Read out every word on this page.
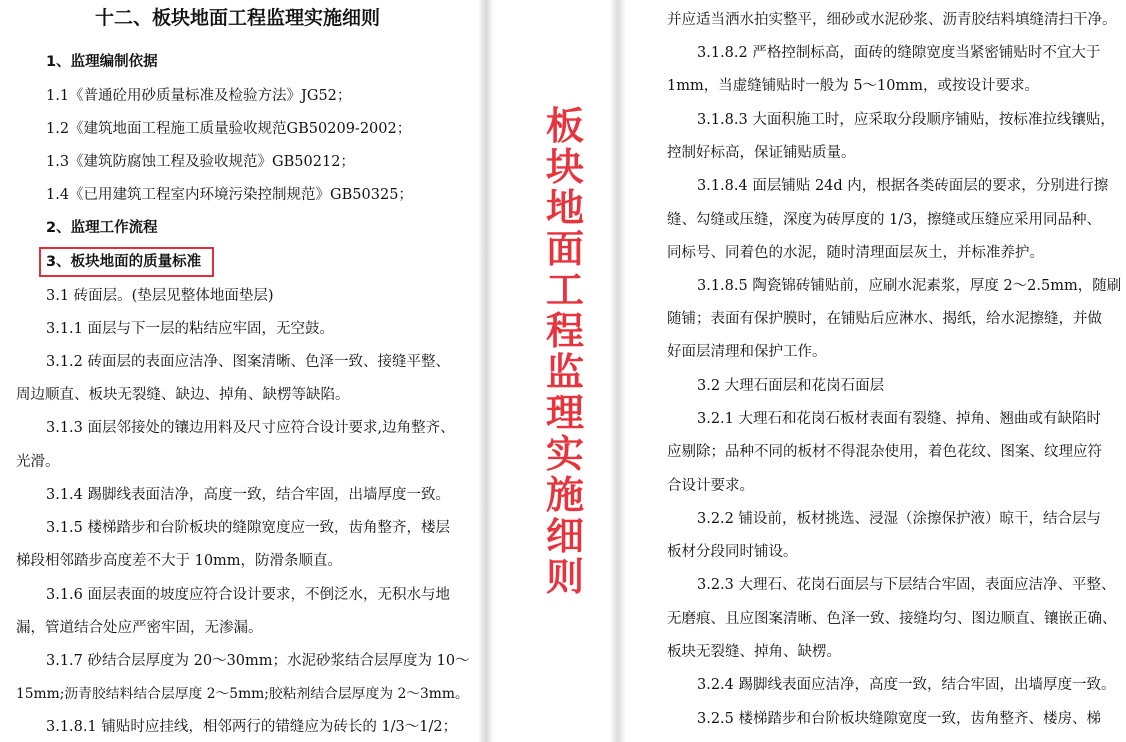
十二、板块地面工程监理实施细则
1、监理编制依据
1.1《普通砼用砂质量标准及检验方法》JG52；
1.2《建筑地面工程施工质量验收规范GB50209-2002；
1.3《建筑防腐蚀工程及验收规范》GB50212；
1.4《已用建筑工程室内环境污染控制规范》GB50325；
2、监理工作流程
3、板块地面的质量标准
3.1 砖面层。(垫层见整体地面垫层)
3.1.1 面层与下一层的粘结应牢固，无空鼓。
3.1.2 砖面层的表面应洁净、图案清晰、色泽一致、接缝平整、
周边顺直、板块无裂缝、缺边、掉角、缺楞等缺陷。
3.1.3 面层邻接处的镶边用料及尺寸应符合设计要求,边角整齐、
光滑。
3.1.4 踢脚线表面洁净，高度一致，结合牢固，出墙厚度一致。
3.1.5 楼梯踏步和台阶板块的缝隙宽度应一致，齿角整齐，楼层
梯段相邻踏步高度差不大于 10mm，防滑条顺直。
3.1.6 面层表面的坡度应符合设计要求，不倒泛水，无积水与地
漏，管道结合处应严密牢固，无渗漏。
3.1.7 砂结合层厚度为 20～30mm；水泥砂浆结合层厚度为 10～
15mm;沥青胶结料结合层厚度 2～5mm;胶粘剂结合层厚度为 2～3mm。
3.1.8.1 铺贴时应挂线，相邻两行的错缝应为砖长的 1/3～1/2；
板
块
地
面
工
程
监
理
实
施
细
则
并应适当洒水拍实整平，细砂或水泥砂浆、沥青胶结料填缝清扫干净。
3.1.8.2 严格控制标高，面砖的缝隙宽度当紧密铺贴时不宜大于
1mm，当虚缝铺贴时一般为 5～10mm，或按设计要求。
3.1.8.3 大面积施工时，应采取分段顺序铺贴，按标准拉线镶贴，
控制好标高，保证铺贴质量。
3.1.8.4 面层铺贴 24d 内，根据各类砖面层的要求，分别进行擦
缝、勾缝或压缝，深度为砖厚度的 1/3，擦缝或压缝应采用同品种、
同标号、同着色的水泥，随时清理面层灰土，并标准养护。
3.1.8.5 陶瓷锦砖铺贴前，应刷水泥素浆，厚度 2～2.5mm，随刷
随铺；表面有保护膜时，在铺贴后应淋水、揭纸，给水泥擦缝，并做
好面层清理和保护工作。
3.2 大理石面层和花岗石面层
3.2.1 大理石和花岗石板材表面有裂缝、掉角、翘曲或有缺陷时
应剔除；品种不同的板材不得混杂使用，着色花纹、图案、纹理应符
合设计要求。
3.2.2 铺设前，板材挑选、浸湿（涂擦保护液）晾干，结合层与
板材分段同时铺设。
3.2.3 大理石、花岗石面层与下层结合牢固，表面应洁净、平整、
无磨痕、且应图案清晰、色泽一致、接缝均匀、图边顺直、镶嵌正确、
板块无裂缝、掉角、缺楞。
3.2.4 踢脚线表面应洁净，高度一致，结合牢固，出墙厚度一致。
3.2.5 楼梯踏步和台阶板块缝隙宽度一致，齿角整齐、楼房、梯
